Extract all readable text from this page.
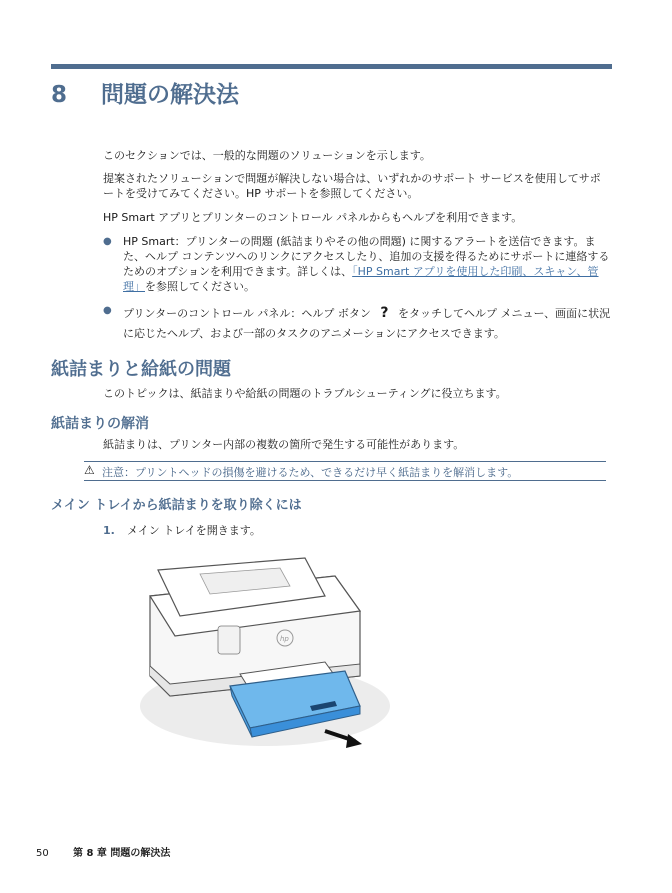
8 問題の解決法
このセクションでは、一般的な問題のソリューションを示します。
提案されたソリューションで問題が解決しない場合は、いずれかのサポート サービスを使用してサポートを受けてみてください。HP サポートを参照してください。
HP Smart アプリとプリンターのコントロール パネルからもヘルプを利用できます。
● HP Smart：プリンターの問題 (紙詰まりやその他の問題) に関するアラートを送信できます。また、ヘルプ コンテンツへのリンクにアクセスしたり、追加の支援を得るためにサポートに連絡するためのオプションを利用できます。詳しくは、「HP Smart アプリを使用した印刷、スキャン、管理」を参照してください。
● プリンターのコントロール パネル：ヘルプ ボタン ? をタッチしてヘルプ メニュー、画面に状況に応じたヘルプ、および一部のタスクのアニメーションにアクセスできます。
紙詰まりと給紙の問題
このトピックは、紙詰まりや給紙の問題のトラブルシューティングに役立ちます。
紙詰まりの解消
紙詰まりは、プリンター内部の複数の箇所で発生する可能性があります。
⚠ 注意：プリントヘッドの損傷を避けるため、できるだけ早く紙詰まりを解消します。
メイン トレイから紙詰まりを取り除くには
1. メイン トレイを開きます。
hp
50 第 8 章 問題の解決法
